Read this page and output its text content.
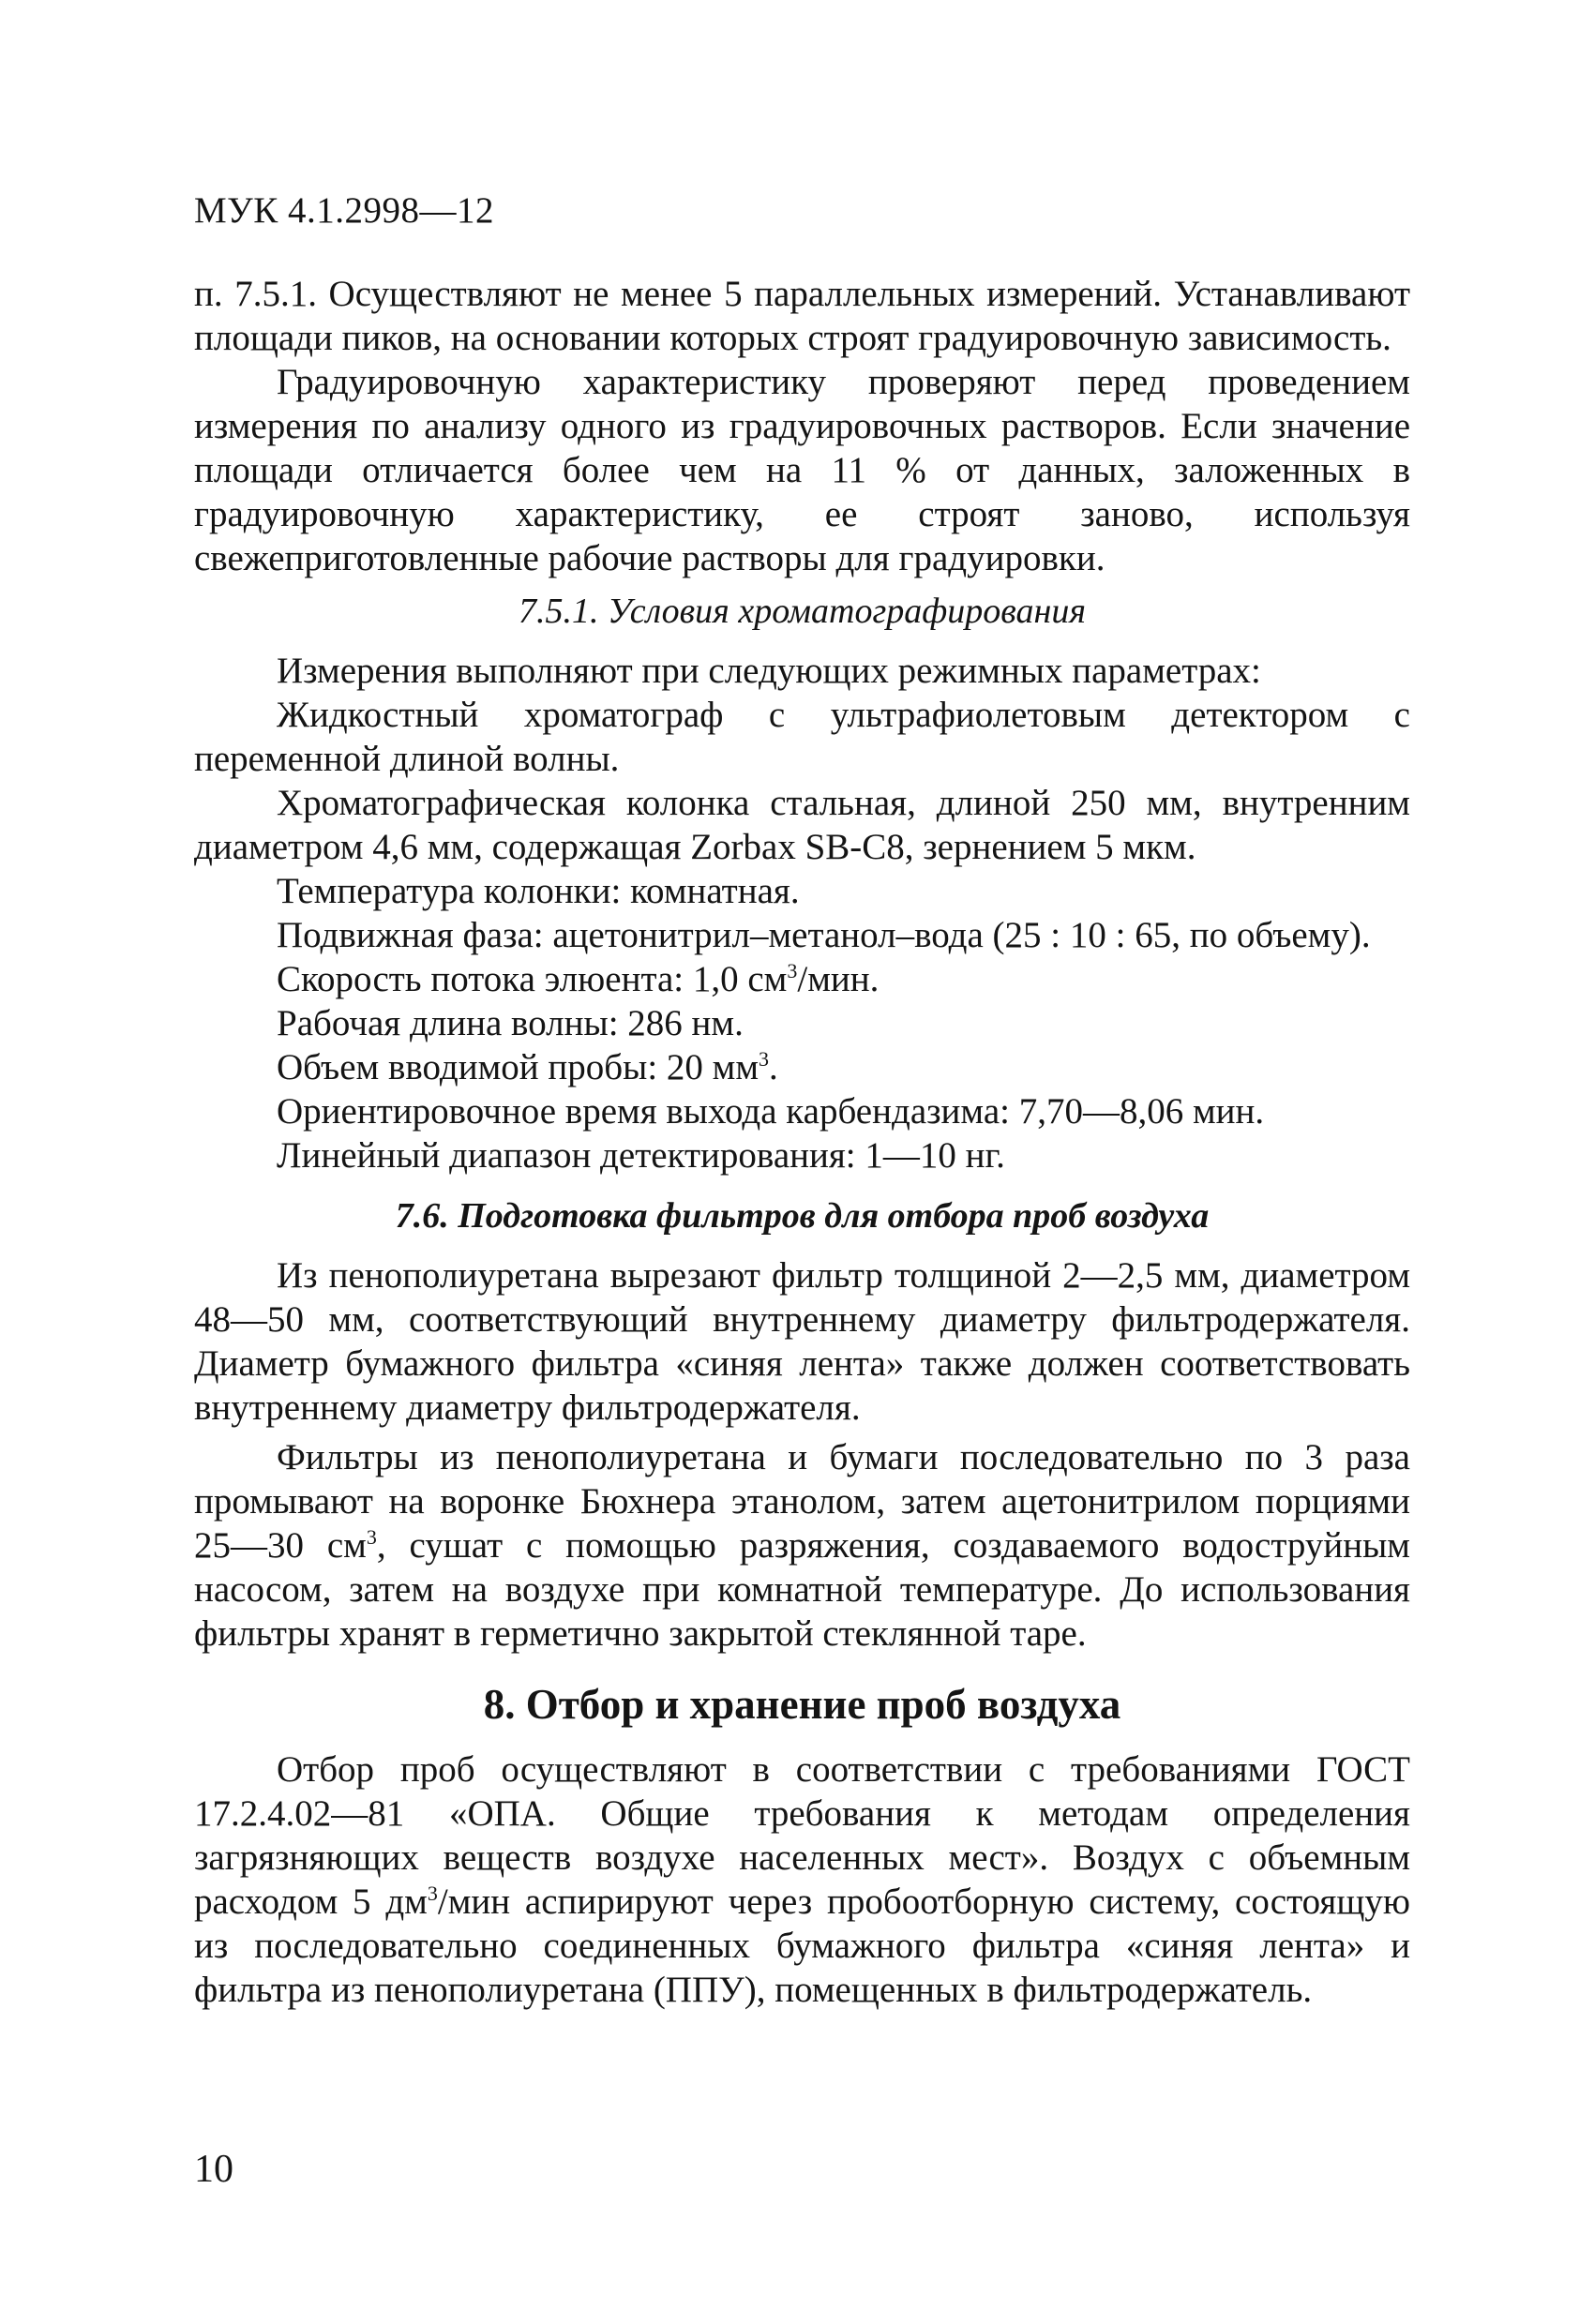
МУК 4.1.2998—12

п. 7.5.1. Осуществляют не менее 5 параллельных измерений. Устанавливают площади пиков, на основании которых строят градуировочную зависимость.

Градуировочную характеристику проверяют перед проведением измерения по анализу одного из градуировочных растворов. Если значение площади отличается более чем на 11 % от данных, заложенных в градуировочную характеристику, ее строят заново, используя свежеприготовленные рабочие растворы для градуировки.

7.5.1. Условия хроматографирования

Измерения выполняют при следующих режимных параметрах:

Жидкостный хроматограф с ультрафиолетовым детектором с переменной длиной волны.

Хроматографическая колонка стальная, длиной 250 мм, внутренним диаметром 4,6 мм, содержащая Zorbax SB-C8, зернением 5 мкм.

Температура колонки: комнатная.

Подвижная фаза: ацетонитрил–метанол–вода (25 : 10 : 65, по объему).

Скорость потока элюента: 1,0 $см^3$/мин.

Рабочая длина волны: 286 нм.

Объем вводимой пробы: 20 $мм^3$.

Ориентировочное время выхода карбендазима: 7,70—8,06 мин.

Линейный диапазон детектирования: 1—10 нг.

7.6. Подготовка фильтров для отбора проб воздуха

Из пенополиуретана вырезают фильтр толщиной 2—2,5 мм, диаметром 48—50 мм, соответствующий внутреннему диаметру фильтродержателя. Диаметр бумажного фильтра «синяя лента» также должен соответствовать внутреннему диаметру фильтродержателя.

Фильтры из пенополиуретана и бумаги последовательно по 3 раза промывают на воронке Бюхнера этанолом, затем ацетонитрилом порциями 25—30 $см^3$, сушат с помощью разряжения, создаваемого водоструйным насосом, затем на воздухе при комнатной температуре. До использования фильтры хранят в герметично закрытой стеклянной таре.

8. Отбор и хранение проб воздуха

Отбор проб осуществляют в соответствии с требованиями ГОСТ 17.2.4.02—81 «ОПА. Общие требования к методам определения загрязняющих веществ воздухе населенных мест». Воздух с объемным расходом 5 $дм^3$/мин аспирируют через пробоотборную систему, состоящую из последовательно соединенных бумажного фильтра «синяя лента» и фильтра из пенополиуретана (ППУ), помещенных в фильтродержатель.

10
